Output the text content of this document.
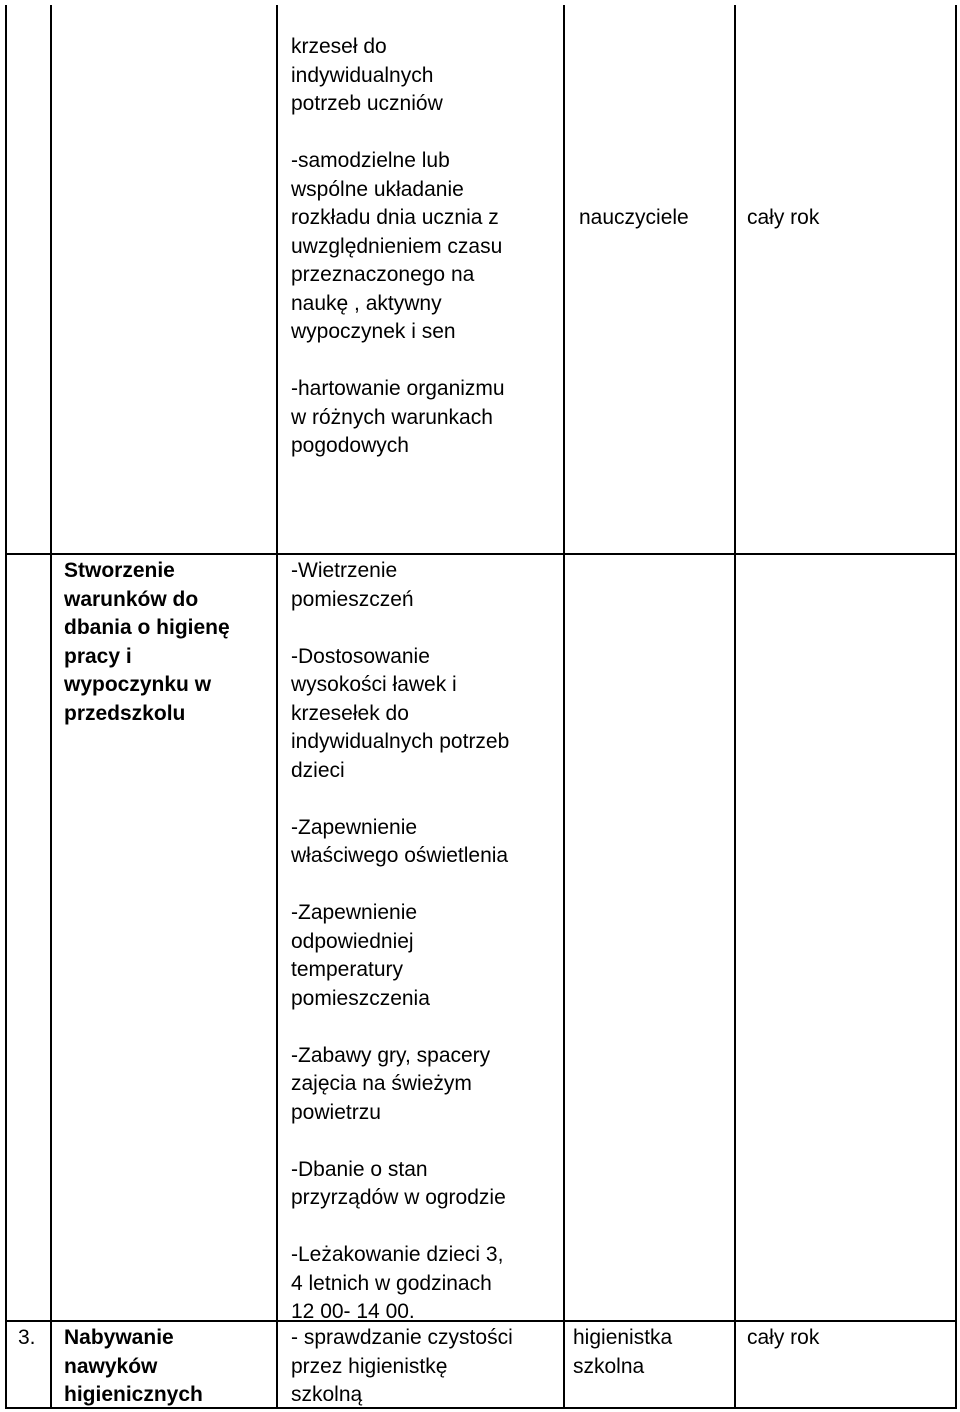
krzeseł do
indywidualnych
potrzeb uczniów

-samodzielne lub
wspólne układanie
rozkładu dnia ucznia z
uwzględnieniem czasu
przeznaczonego na
naukę , aktywny
wypoczynek i sen

-hartowanie organizmu
w różnych warunkach
pogodowych

nauczyciele	cały rok

Stworzenie
warunków do
dbania o higienę
pracy i
wypoczynku w
przedszkolu

-Wietrzenie
pomieszczeń

-Dostosowanie
wysokości ławek i
krzesełek do
indywidualnych potrzeb
dzieci

-Zapewnienie
właściwego oświetlenia

-Zapewnienie
odpowiedniej
temperatury
pomieszczenia

-Zabawy gry, spacery
zajęcia na świeżym
powietrzu

-Dbanie o stan
przyrządów w ogrodzie

-Leżakowanie dzieci 3,
4 letnich w godzinach
12 00- 14 00.

3.	Nabywanie
nawyków
higienicznych

- sprawdzanie czystości
przez higienistkę
szkolną

higienistka
szkolna

cały rok
